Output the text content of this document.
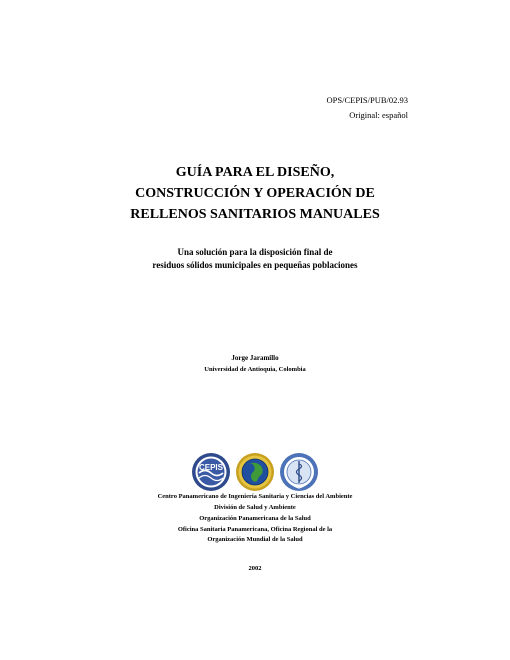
OPS/CEPIS/PUB/02.93
Original: español
GUÍA PARA EL DISEÑO,
CONSTRUCCIÓN Y OPERACIÓN DE
RELLENOS SANITARIOS MANUALES
Una solución para la disposición final de
residuos sólidos municipales en pequeñas poblaciones
Jorge Jaramillo
Universidad de Antioquia, Colombia
CEPIS
Centro Panamericano de Ingeniería Sanitaria y Ciencias del Ambiente
División de Salud y Ambiente
Organización Panamericana de la Salud
Oficina Sanitaria Panamericana, Oficina Regional de la
Organización Mundial de la Salud
2002
